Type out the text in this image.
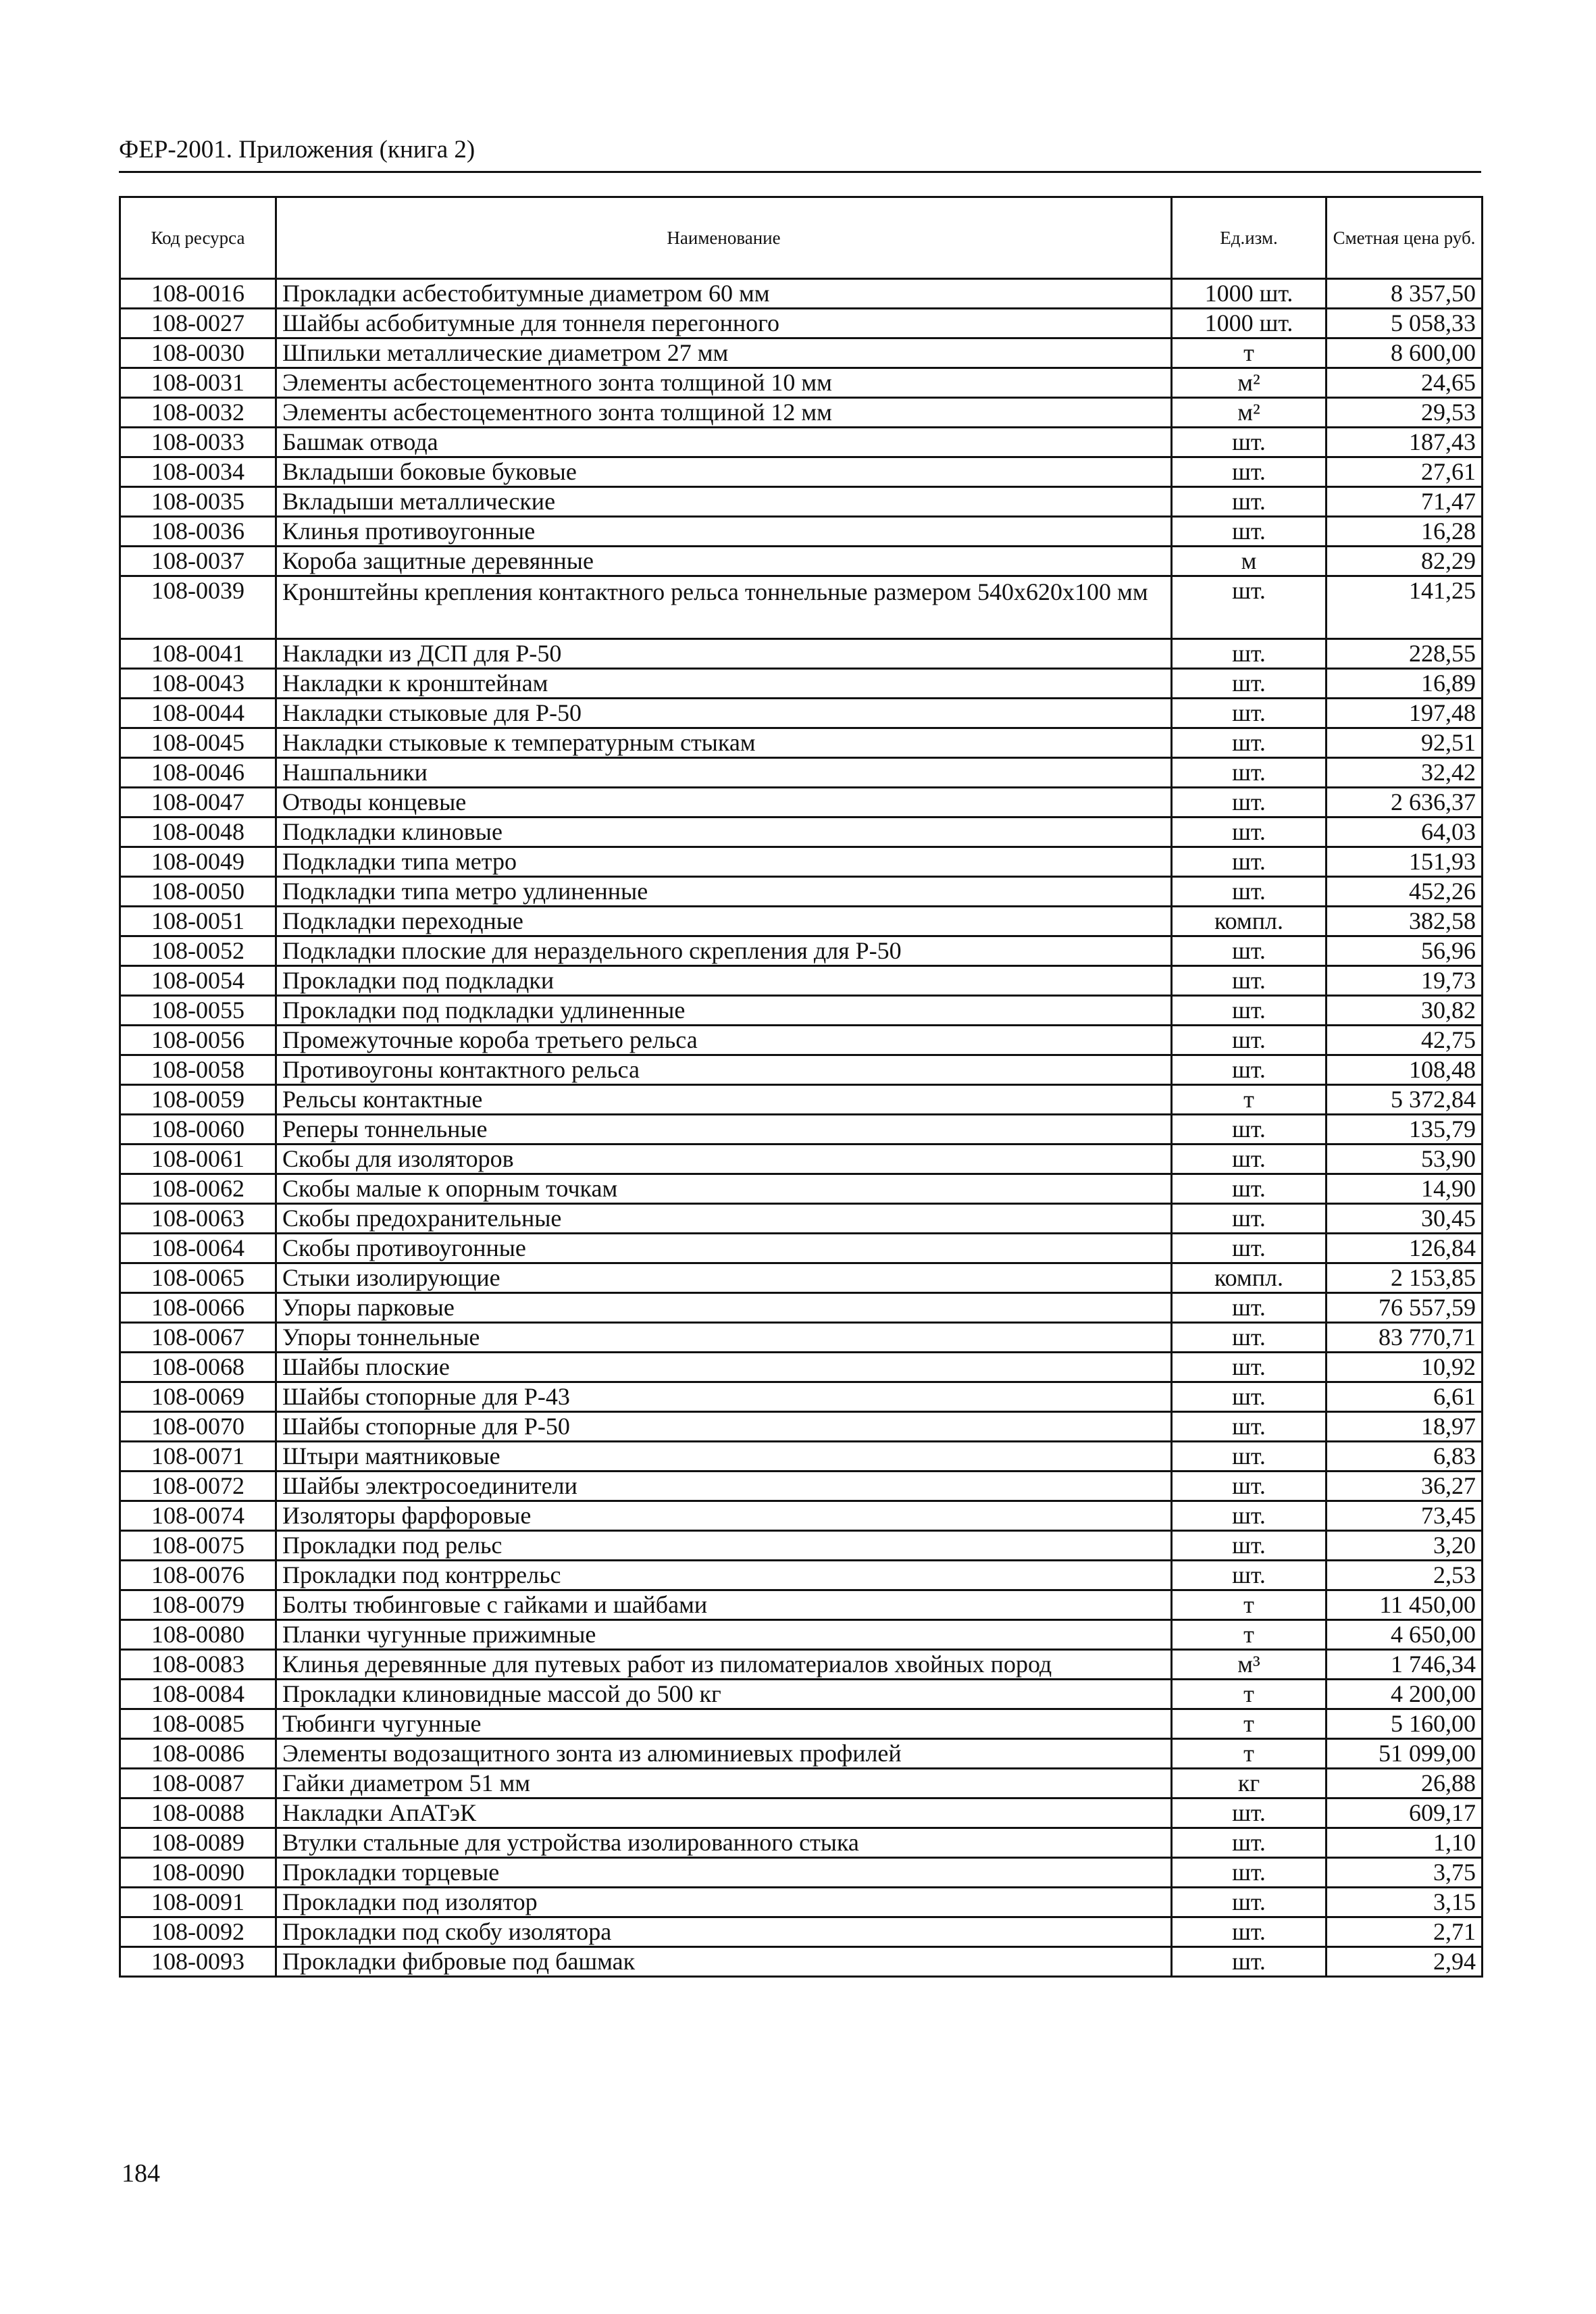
ФЕР-2001. Приложения (книга 2)
Код ресурса	Наименование	Ед.изм.	Сметная цена руб.
108-0016	Прокладки асбестобитумные диаметром 60 мм	1000 шт.	8 357,50
108-0027	Шайбы асбобитумные для тоннеля перегонного	1000 шт.	5 058,33
108-0030	Шпильки металлические диаметром 27 мм	т	8 600,00
108-0031	Элементы асбестоцементного зонта толщиной 10 мм	м²	24,65
108-0032	Элементы асбестоцементного зонта толщиной 12 мм	м²	29,53
108-0033	Башмак отвода	шт.	187,43
108-0034	Вкладыши боковые буковые	шт.	27,61
108-0035	Вкладыши металлические	шт.	71,47
108-0036	Клинья противоугонные	шт.	16,28
108-0037	Короба защитные деревянные	м	82,29
108-0039	Кронштейны крепления контактного рельса тоннельные размером 540x620x100 мм	шт.	141,25
108-0041	Накладки из ДСП для Р-50	шт.	228,55
108-0043	Накладки к кронштейнам	шт.	16,89
108-0044	Накладки стыковые для Р-50	шт.	197,48
108-0045	Накладки стыковые к температурным стыкам	шт.	92,51
108-0046	Нашпальники	шт.	32,42
108-0047	Отводы концевые	шт.	2 636,37
108-0048	Подкладки клиновые	шт.	64,03
108-0049	Подкладки типа метро	шт.	151,93
108-0050	Подкладки типа метро удлиненные	шт.	452,26
108-0051	Подкладки переходные	компл.	382,58
108-0052	Подкладки плоские для нераздельного скрепления для Р-50	шт.	56,96
108-0054	Прокладки под подкладки	шт.	19,73
108-0055	Прокладки под подкладки удлиненные	шт.	30,82
108-0056	Промежуточные короба третьего рельса	шт.	42,75
108-0058	Противоугоны контактного рельса	шт.	108,48
108-0059	Рельсы контактные	т	5 372,84
108-0060	Реперы тоннельные	шт.	135,79
108-0061	Скобы для изоляторов	шт.	53,90
108-0062	Скобы малые к опорным точкам	шт.	14,90
108-0063	Скобы предохранительные	шт.	30,45
108-0064	Скобы противоугонные	шт.	126,84
108-0065	Стыки изолирующие	компл.	2 153,85
108-0066	Упоры парковые	шт.	76 557,59
108-0067	Упоры тоннельные	шт.	83 770,71
108-0068	Шайбы плоские	шт.	10,92
108-0069	Шайбы стопорные для Р-43	шт.	6,61
108-0070	Шайбы стопорные для Р-50	шт.	18,97
108-0071	Штыри маятниковые	шт.	6,83
108-0072	Шайбы электросоединители	шт.	36,27
108-0074	Изоляторы фарфоровые	шт.	73,45
108-0075	Прокладки под рельс	шт.	3,20
108-0076	Прокладки под контррельс	шт.	2,53
108-0079	Болты тюбинговые с гайками и шайбами	т	11 450,00
108-0080	Планки чугунные прижимные	т	4 650,00
108-0083	Клинья деревянные для путевых работ из пиломатериалов хвойных пород	м³	1 746,34
108-0084	Прокладки клиновидные массой до 500 кг	т	4 200,00
108-0085	Тюбинги чугунные	т	5 160,00
108-0086	Элементы водозащитного зонта из алюминиевых профилей	т	51 099,00
108-0087	Гайки диаметром 51 мм	кг	26,88
108-0088	Накладки АпАТэК	шт.	609,17
108-0089	Втулки стальные для устройства изолированного стыка	шт.	1,10
108-0090	Прокладки торцевые	шт.	3,75
108-0091	Прокладки под изолятор	шт.	3,15
108-0092	Прокладки под скобу изолятора	шт.	2,71
108-0093	Прокладки фибровые под башмак	шт.	2,94
184
